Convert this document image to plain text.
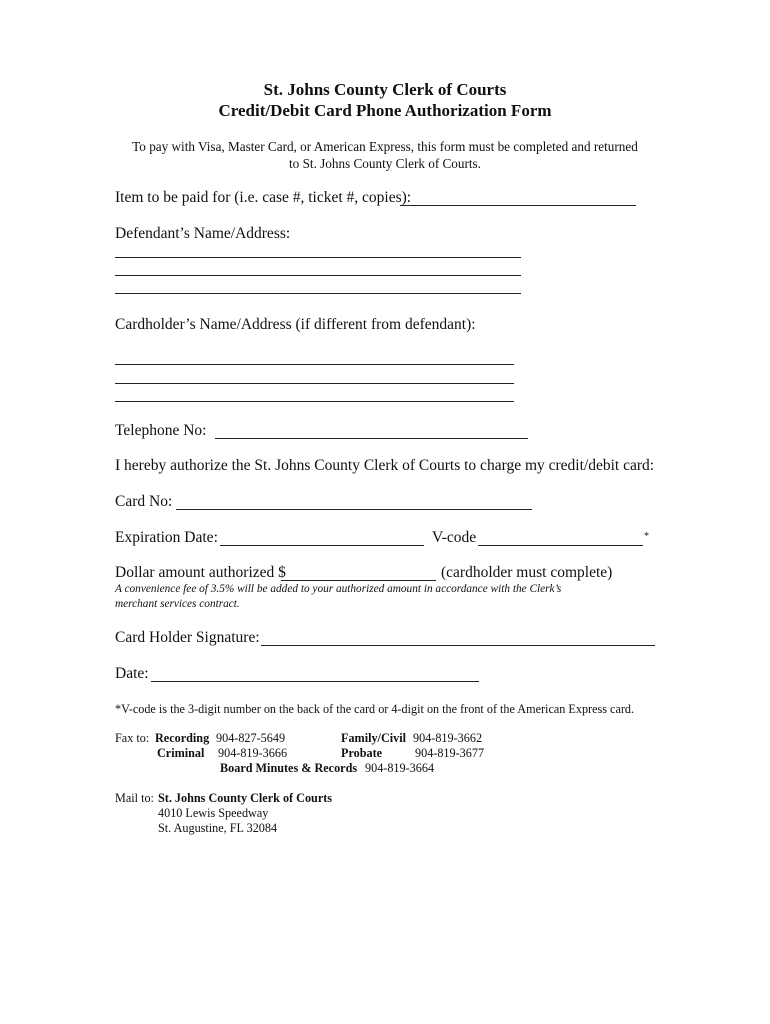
St. Johns County Clerk of Courts
Credit/Debit Card Phone Authorization Form
To pay with Visa, Master Card, or American Express, this form must be completed and returned
to St. Johns County Clerk of Courts.
Item to be paid for (i.e. case #, ticket #, copies):
Defendant’s Name/Address:
Cardholder’s Name/Address (if different from defendant):
Telephone No:
I hereby authorize the St. Johns County Clerk of Courts to charge my credit/debit card:
Card No:
Expiration Date:	V-code	*
Dollar amount authorized $	(cardholder must complete)
A convenience fee of 3.5% will be added to your authorized amount in accordance with the Clerk’s
merchant services contract.
Card Holder Signature:
Date:
*V-code is the 3-digit number on the back of the card or 4-digit on the front of the American Express card.
Fax to: Recording 904-827-5649	Family/Civil 904-819-3662
Criminal 904-819-3666	Probate	904-819-3677
Board Minutes & Records 904-819-3664
Mail to: St. Johns County Clerk of Courts
4010 Lewis Speedway
St. Augustine, FL 32084
